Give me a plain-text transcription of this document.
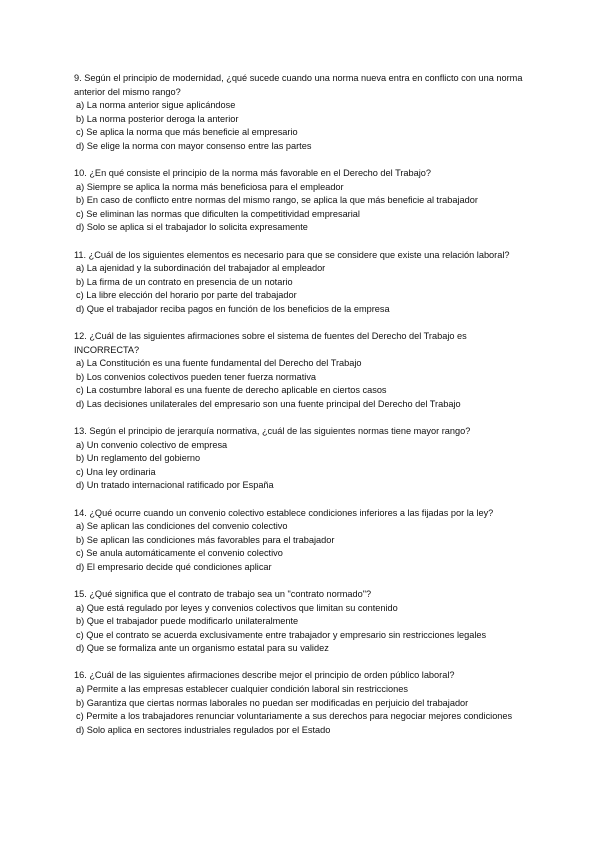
9. Según el principio de modernidad, ¿qué sucede cuando una norma nueva entra en conflicto con una norma anterior del mismo rango?

a) La norma anterior sigue aplicándose

b) La norma posterior deroga la anterior

c) Se aplica la norma que más beneficie al empresario

d) Se elige la norma con mayor consenso entre las partes

10. ¿En qué consiste el principio de la norma más favorable en el Derecho del Trabajo?

a) Siempre se aplica la norma más beneficiosa para el empleador

b) En caso de conflicto entre normas del mismo rango, se aplica la que más beneficie al trabajador

c) Se eliminan las normas que dificulten la competitividad empresarial

d) Solo se aplica si el trabajador lo solicita expresamente

11. ¿Cuál de los siguientes elementos es necesario para que se considere que existe una relación laboral?

a) La ajenidad y la subordinación del trabajador al empleador

b) La firma de un contrato en presencia de un notario

c) La libre elección del horario por parte del trabajador

d) Que el trabajador reciba pagos en función de los beneficios de la empresa

12. ¿Cuál de las siguientes afirmaciones sobre el sistema de fuentes del Derecho del Trabajo es INCORRECTA?

a) La Constitución es una fuente fundamental del Derecho del Trabajo

b) Los convenios colectivos pueden tener fuerza normativa

c) La costumbre laboral es una fuente de derecho aplicable en ciertos casos

d) Las decisiones unilaterales del empresario son una fuente principal del Derecho del Trabajo

13. Según el principio de jerarquía normativa, ¿cuál de las siguientes normas tiene mayor rango?

a) Un convenio colectivo de empresa

b) Un reglamento del gobierno

c) Una ley ordinaria

d) Un tratado internacional ratificado por España

14. ¿Qué ocurre cuando un convenio colectivo establece condiciones inferiores a las fijadas por la ley?

a) Se aplican las condiciones del convenio colectivo

b) Se aplican las condiciones más favorables para el trabajador

c) Se anula automáticamente el convenio colectivo

d) El empresario decide qué condiciones aplicar

15. ¿Qué significa que el contrato de trabajo sea un "contrato normado"?

a) Que está regulado por leyes y convenios colectivos que limitan su contenido

b) Que el trabajador puede modificarlo unilateralmente

c) Que el contrato se acuerda exclusivamente entre trabajador y empresario sin restricciones legales

d) Que se formaliza ante un organismo estatal para su validez

16. ¿Cuál de las siguientes afirmaciones describe mejor el principio de orden público laboral?

a) Permite a las empresas establecer cualquier condición laboral sin restricciones

b) Garantiza que ciertas normas laborales no puedan ser modificadas en perjuicio del trabajador

c) Permite a los trabajadores renunciar voluntariamente a sus derechos para negociar mejores condiciones

d) Solo aplica en sectores industriales regulados por el Estado
